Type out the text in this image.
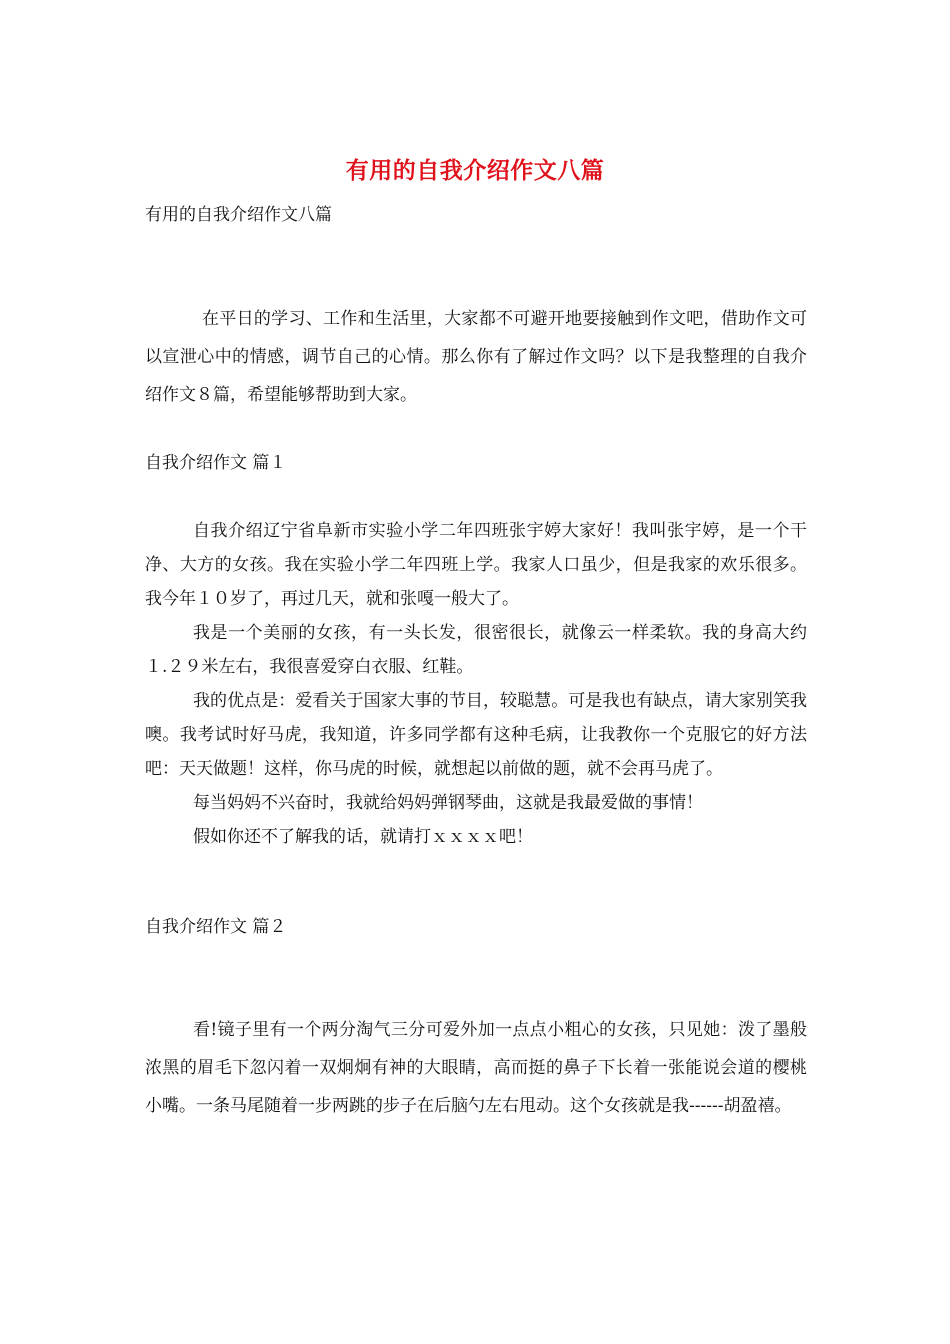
有用的自我介绍作文八篇
有用的自我介绍作文八篇
在平日的学习、工作和生活里，大家都不可避开地要接触到作文吧，借助作文可以宣泄心中的情感，调节自己的心情。那么你有了解过作文吗？以下是我整理的自我介绍作文８篇，希望能够帮助到大家。
自我介绍作文 篇１

自我介绍辽宁省阜新市实验小学二年四班张宇婷大家好！我叫张宇婷，是一个干净、大方的女孩。我在实验小学二年四班上学。我家人口虽少，但是我家的欢乐很多。我今年１０岁了，再过几天，就和张嘎一般大了。

我是一个美丽的女孩，有一头长发，很密很长，就像云一样柔软。我的身高大约１.２９米左右，我很喜爱穿白衣服、红鞋。

我的优点是：爱看关于国家大事的节目，较聪慧。可是我也有缺点，请大家别笑我噢。我考试时好马虎，我知道，许多同学都有这种毛病，让我教你一个克服它的好方法吧：天天做题！这样，你马虎的时候，就想起以前做的题，就不会再马虎了。

每当妈妈不兴奋时，我就给妈妈弹钢琴曲，这就是我最爱做的事情！

假如你还不了解我的话，就请打ｘｘｘｘ吧！

自我介绍作文 篇２

看!镜子里有一个两分淘气三分可爱外加一点点小粗心的女孩，只见她：泼了墨般浓黑的眉毛下忽闪着一双炯炯有神的大眼睛，高而挺的鼻子下长着一张能说会道的樱桃小嘴。一条马尾随着一步两跳的步子在后脑勺左右甩动。这个女孩就是我------胡盈禧。
